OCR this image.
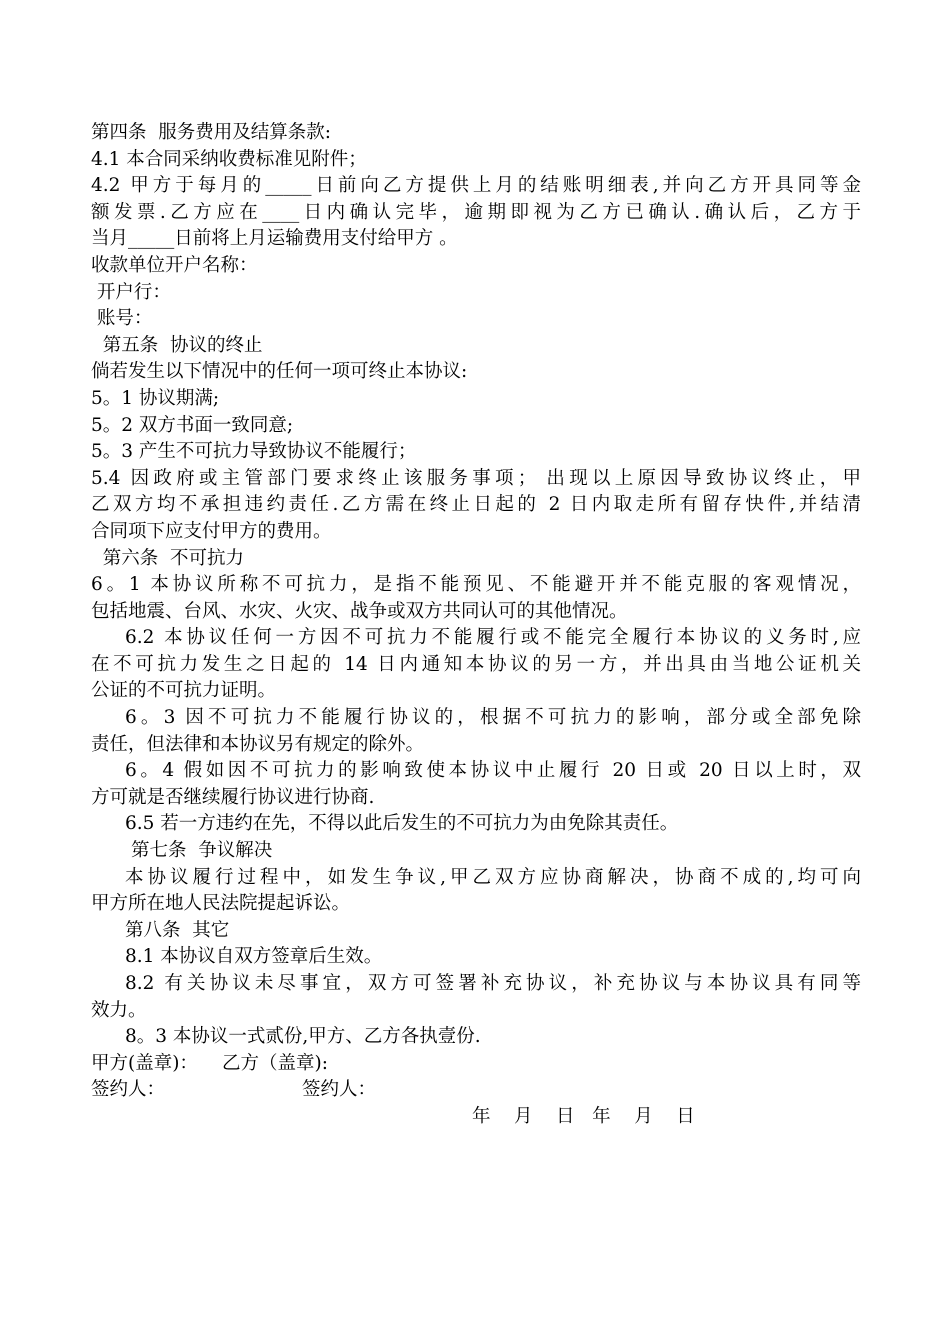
第四条  服务费用及结算条款:
4.1 本合同采纳收费标准见附件；
4.2 甲方于每月的_____日前向乙方提供上月的结账明细表,并向乙方开具同等金
额发票.乙方应在____日内确认完毕，逾期即视为乙方已确认.确认后，乙方于
当月_____日前将上月运输费用支付给甲方 。
收款单位开户名称：
开户行：
账号：
第五条  协议的终止
倘若发生以下情况中的任何一项可终止本协议:
5。1 协议期满;
5。2 双方书面一致同意;
5。3 产生不可抗力导致协议不能履行；
5.4 因政府或主管部门要求终止该服务事项； 出现以上原因导致协议终止，甲
乙双方均不承担违约责任.乙方需在终止日起的 2 日内取走所有留存快件,并结清
合同项下应支付甲方的费用。
第六条  不可抗力
6。1 本协议所称不可抗力，是指不能预见、不能避开并不能克服的客观情况，
包括地震、台风、水灾、火灾、战争或双方共同认可的其他情况。
6.2 本协议任何一方因不可抗力不能履行或不能完全履行本协议的义务时,应
在不可抗力发生之日起的 14 日内通知本协议的另一方，并出具由当地公证机关
公证的不可抗力证明。
6。3 因不可抗力不能履行协议的，根据不可抗力的影响，部分或全部免除
责任，但法律和本协议另有规定的除外。
6。4 假如因不可抗力的影响致使本协议中止履行 20 日或 20 日以上时，双
方可就是否继续履行协议进行协商.
6.5 若一方违约在先，不得以此后发生的不可抗力为由免除其责任。
第七条  争议解决
本协议履行过程中，如发生争议,甲乙双方应协商解决，协商不成的,均可向
甲方所在地人民法院提起诉讼。
第八条  其它
8.1 本协议自双方签章后生效。
8.2 有关协议未尽事宜，双方可签署补充协议，补充协议与本协议具有同等
效力。
8。3 本协议一式贰份,甲方、乙方各执壹份.
甲方(盖章)： 乙方（盖章):
签约人：	签约人：
年    月    日   年    月    日
